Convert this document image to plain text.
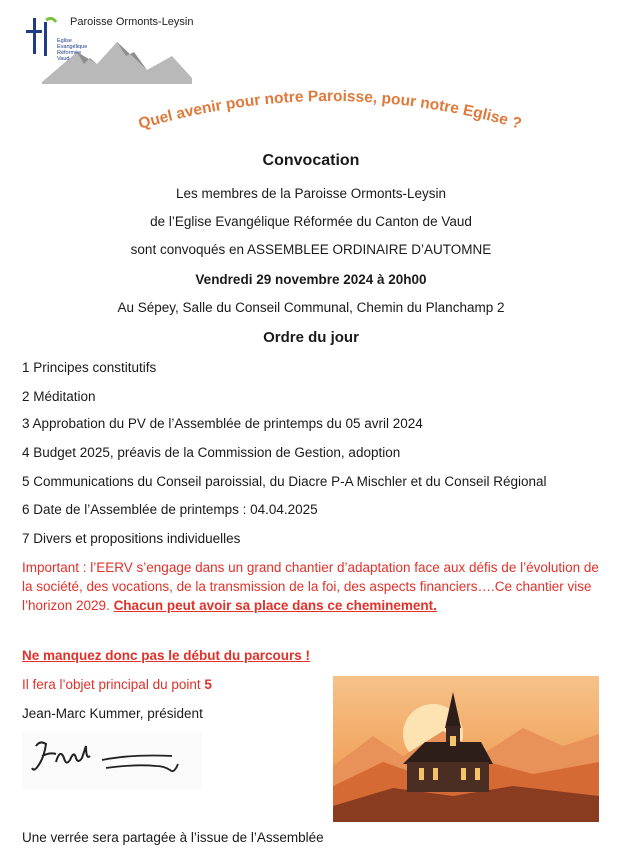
Paroisse Ormonts-Leysin
Eglise
Evangélique
Réformée
Vaud
Quel avenir pour notre Paroisse, pour notre Eglise ?
Convocation
Les membres de la Paroisse Ormonts-Leysin
de l’Eglise Evangélique Réformée du Canton de Vaud
sont convoqués en ASSEMBLEE ORDINAIRE D’AUTOMNE
Vendredi 29 novembre 2024 à 20h00
Au Sépey, Salle du Conseil Communal, Chemin du Planchamp 2
Ordre du jour
1 Principes constitutifs
2 Méditation
3 Approbation du PV de l’Assemblée de printemps du 05 avril 2024
4 Budget 2025, préavis de la Commission de Gestion, adoption
5 Communications du Conseil paroissial, du Diacre P-A Mischler et du Conseil Régional
6 Date de l’Assemblée de printemps : 04.04.2025
7 Divers et propositions individuelles
Important : l’EERV s’engage dans un grand chantier d’adaptation face aux défis de l’évolution de la société, des vocations, de la transmission de la foi, des aspects financiers….Ce chantier vise l’horizon 2029. Chacun peut avoir sa place dans ce cheminement.
Ne manquez donc pas le début du parcours !
Il fera l’objet principal du point 5
Jean-Marc Kummer, président
Une verrée sera partagée à l’issue de l’Assemblée
